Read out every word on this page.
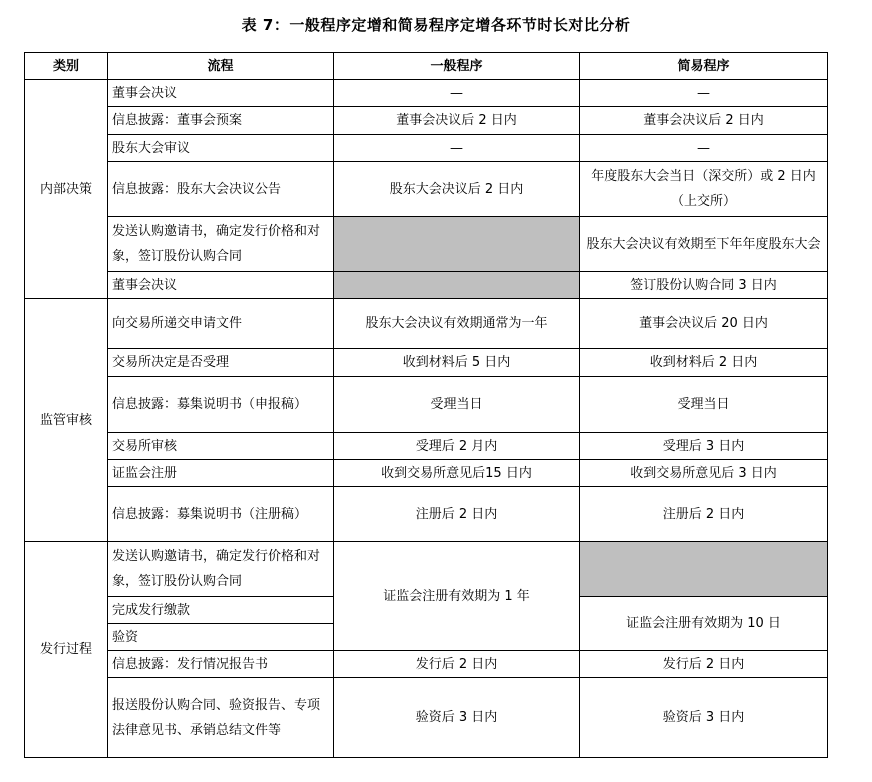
表 7：一般程序定增和简易程序定增各环节时长对比分析
类别	流程	一般程序	简易程序
内部决策	董事会决议	—	—
	信息披露：董事会预案	董事会决议后 2 日内	董事会决议后 2 日内
	股东大会审议	—	—
	信息披露：股东大会决议公告	股东大会决议后 2 日内	年度股东大会当日（深交所）或 2 日内（上交所）
	发送认购邀请书，确定发行价格和对象，签订股份认购合同		股东大会决议有效期至下年年度股东大会
	董事会决议		签订股份认购合同 3 日内
监管审核	向交易所递交申请文件	股东大会决议有效期通常为一年	董事会决议后 20 日内
	交易所决定是否受理	收到材料后 5 日内	收到材料后 2 日内
	信息披露：募集说明书（申报稿）	受理当日	受理当日
	交易所审核	受理后 2 月内	受理后 3 日内
	证监会注册	收到交易所意见后15 日内	收到交易所意见后 3 日内
	信息披露：募集说明书（注册稿）	注册后 2 日内	注册后 2 日内
发行过程	发送认购邀请书，确定发行价格和对象，签订股份认购合同	证监会注册有效期为 1 年	
	完成发行缴款		证监会注册有效期为 10 日
	验资		
	信息披露：发行情况报告书	发行后 2 日内	发行后 2 日内
	报送股份认购合同、验资报告、专项法律意见书、承销总结文件等	验资后 3 日内	验资后 3 日内
